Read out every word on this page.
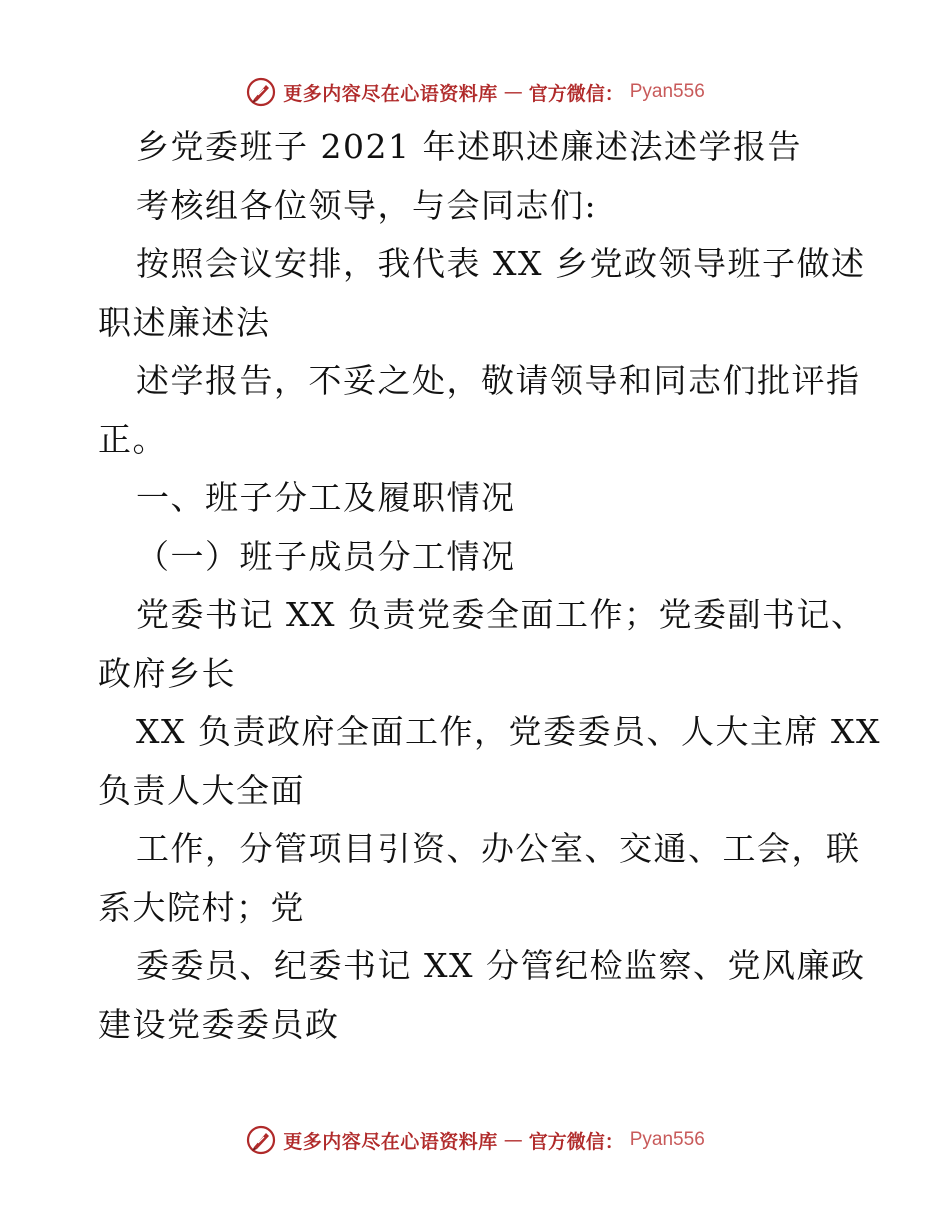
更多内容尽在心语资料库 — 官方微信： Pyan556
乡党委班子 2021 年述职述廉述法述学报告
考核组各位领导，与会同志们:
按照会议安排，我代表 XX 乡党政领导班子做述
职述廉述法
述学报告，不妥之处，敬请领导和同志们批评指
正。
一、班子分工及履职情况
（一）班子成员分工情况
党委书记 XX 负责党委全面工作；党委副书记、
政府乡长
XX 负责政府全面工作，党委委员、人大主席 XX
负责人大全面
工作，分管项目引资、办公室、交通、工会，联
系大院村；党
委委员、纪委书记 XX 分管纪检监察、党风廉政
建设党委委员政
更多内容尽在心语资料库 — 官方微信： Pyan556
